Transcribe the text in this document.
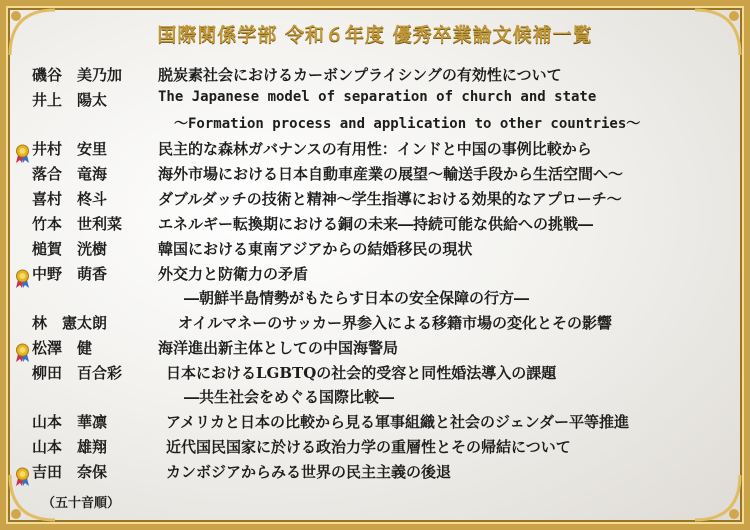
国際関係学部 令和６年度 優秀卒業論文候補一覧
磯谷　美乃加 脱炭素社会におけるカーボンプライシングの有効性について
井上　陽太	The Japanese model of separation of church and state
～Formation process and application to other countries～
井村　安里	民主的な森林ガバナンスの有用性：インドと中国の事例比較から
落合　竜海	海外市場における日本自動車産業の展望～輸送手段から生活空間へ～
喜村　柊斗	ダブルダッチの技術と精神～学生指導における効果的なアプローチ～
竹本　世利菜 エネルギー転換期における銅の未来―持続可能な供給への挑戦―
槌賀　洸樹	韓国における東南アジアからの結婚移民の現状
中野　萌香	外交力と防衛力の矛盾
―朝鮮半島情勢がもたらす日本の安全保障の行方―
林　憲太朗	オイルマネーのサッカー界参入による移籍市場の変化とその影響
松澤　健	海洋進出新主体としての中国海警局
柳田　百合彩	日本におけるLGBTQの社会的受容と同性婚法導入の課題
―共生社会をめぐる国際比較―
山本　華凛	アメリカと日本の比較から見る軍事組織と社会のジェンダー平等推進
山本　雄翔	近代国民国家に於ける政治力学の重層性とその帰結について
吉田　奈保	カンボジアからみる世界の民主主義の後退
（五十音順）
